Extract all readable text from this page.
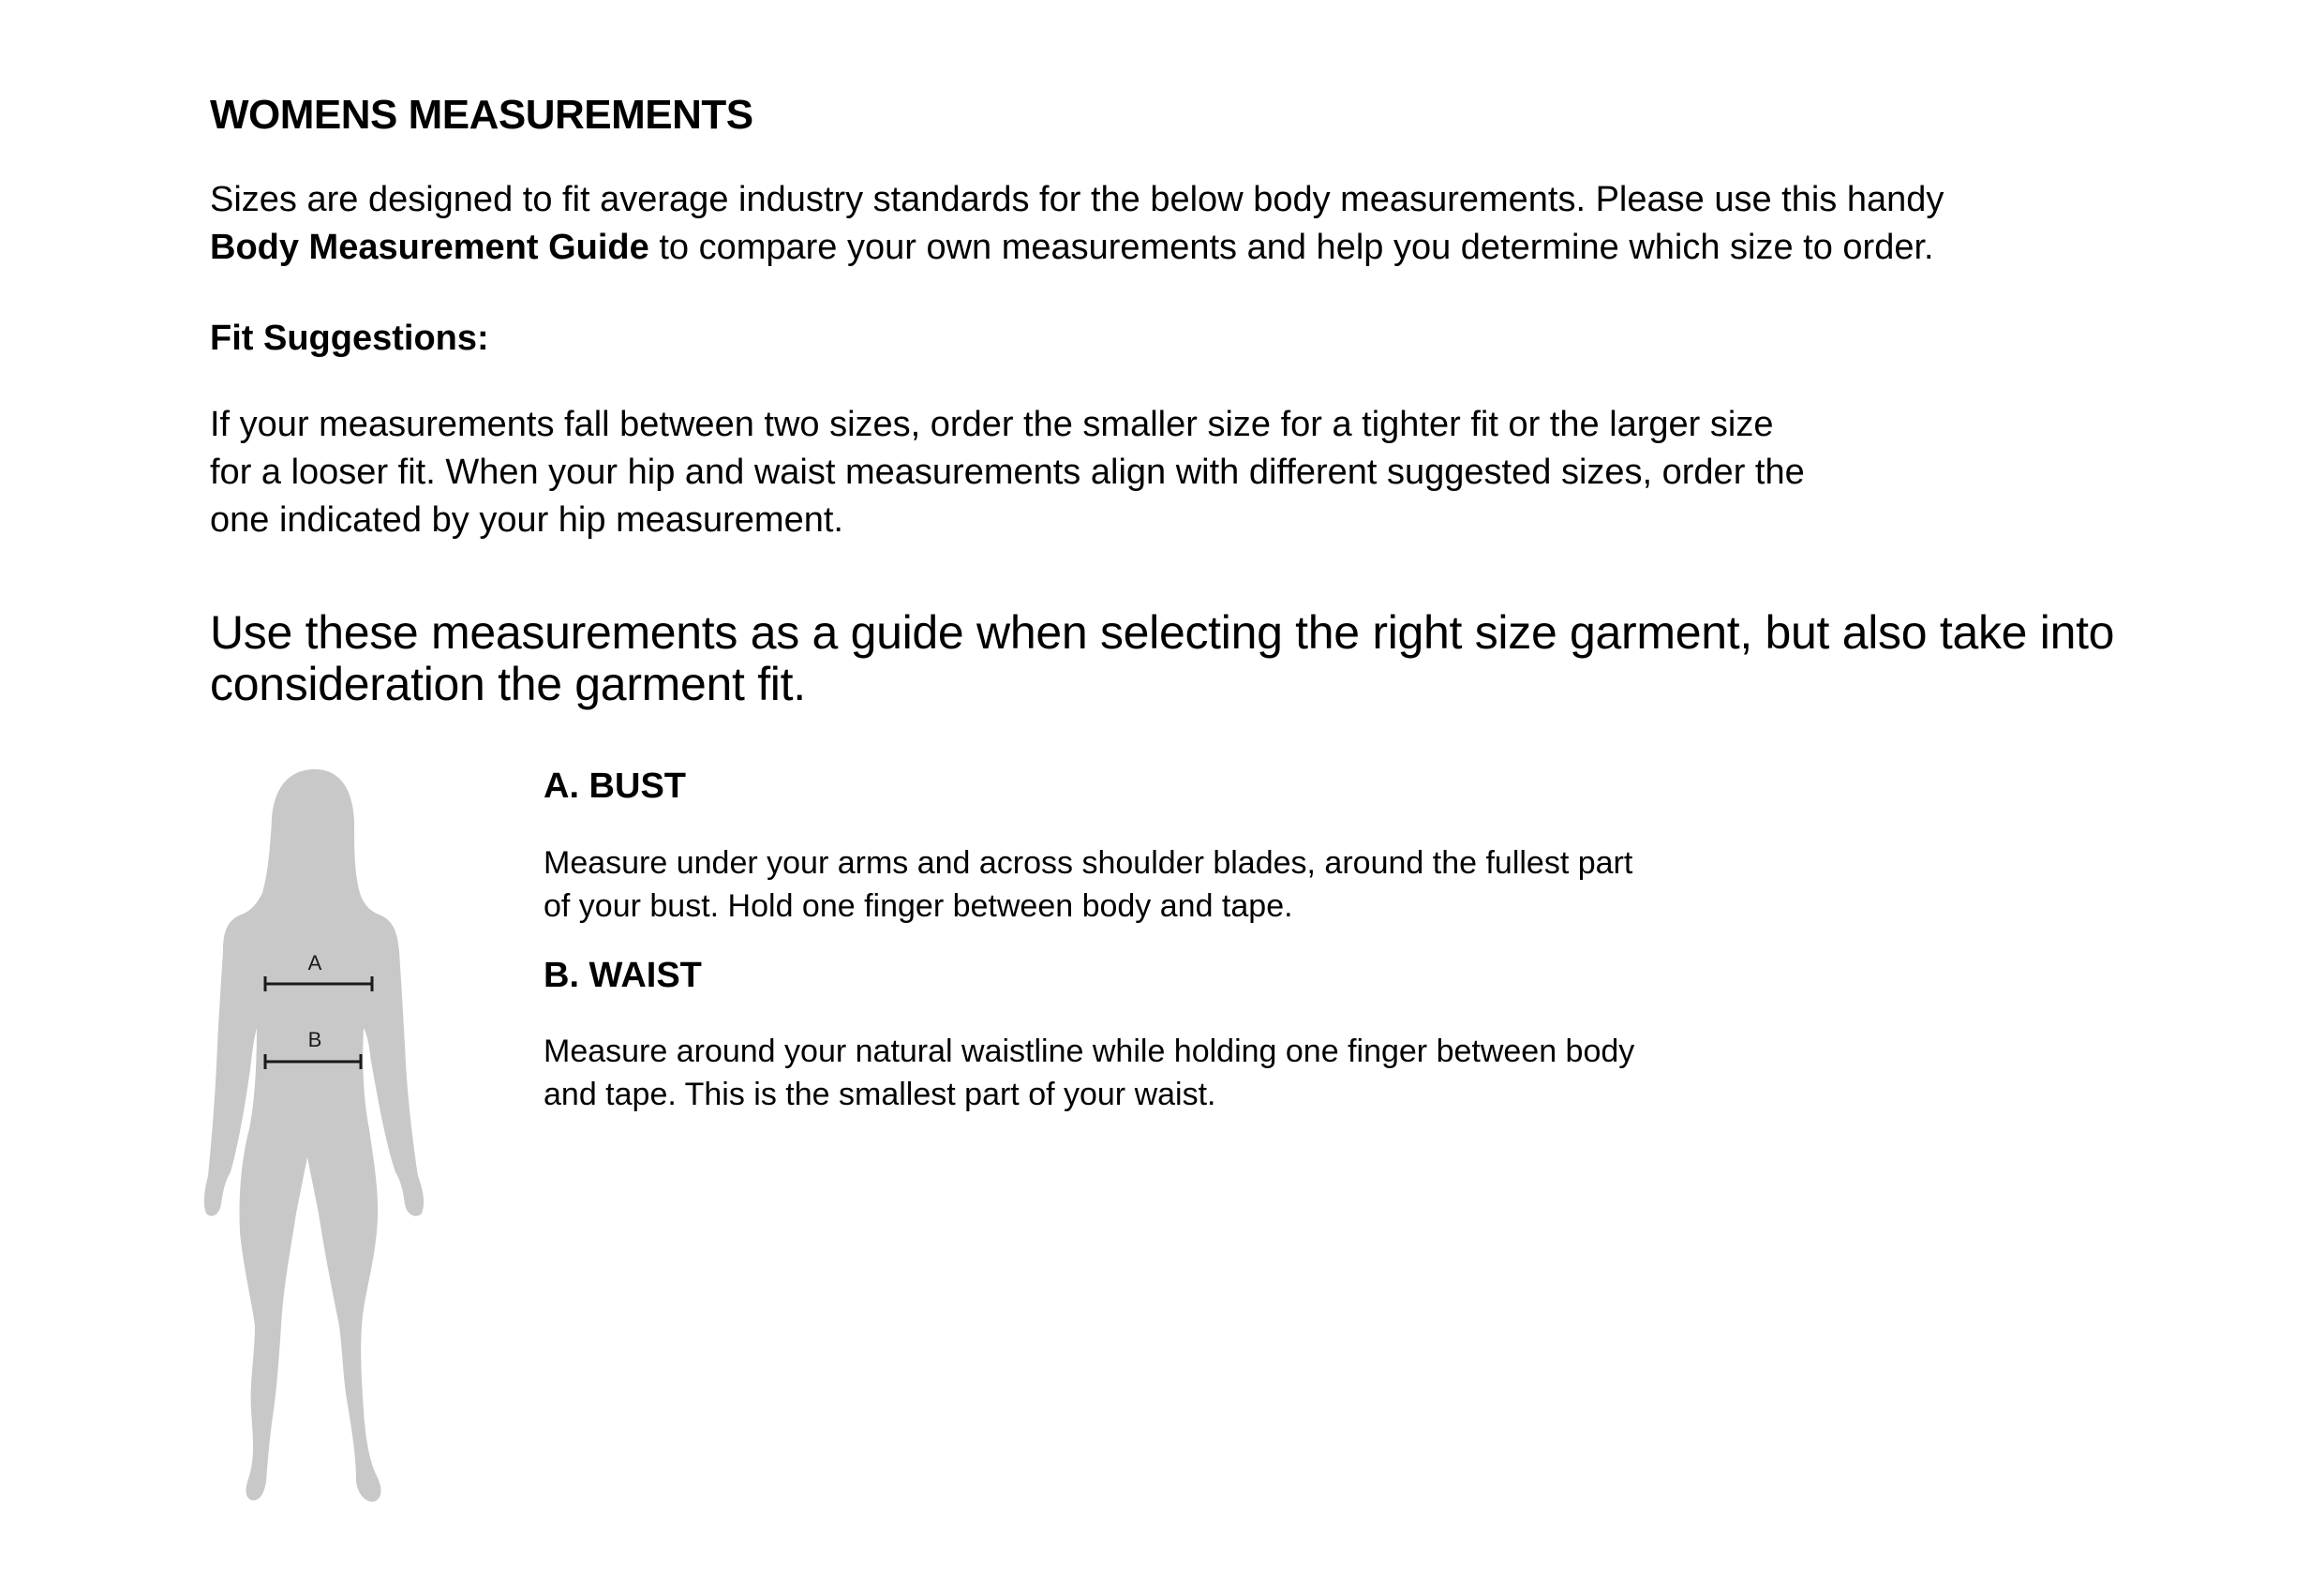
WOMENS MEASUREMENTS

Sizes are designed to fit average industry standards for the below body measurements. Please use this handy
Body Measurement Guide to compare your own measurements and help you determine which size to order.

Fit Suggestions:

If your measurements fall between two sizes, order the smaller size for a tighter fit or the larger size
for a looser fit. When your hip and waist measurements align with different suggested sizes, order the
one indicated by your hip measurement.

Use these measurements as a guide when selecting the right size garment, but also take into
consideration the garment fit.

A
B
A. BUST

Measure under your arms and across shoulder blades, around the fullest part
of your bust. Hold one finger between body and tape.

B. WAIST

Measure around your natural waistline while holding one finger between body
and tape. This is the smallest part of your waist.
